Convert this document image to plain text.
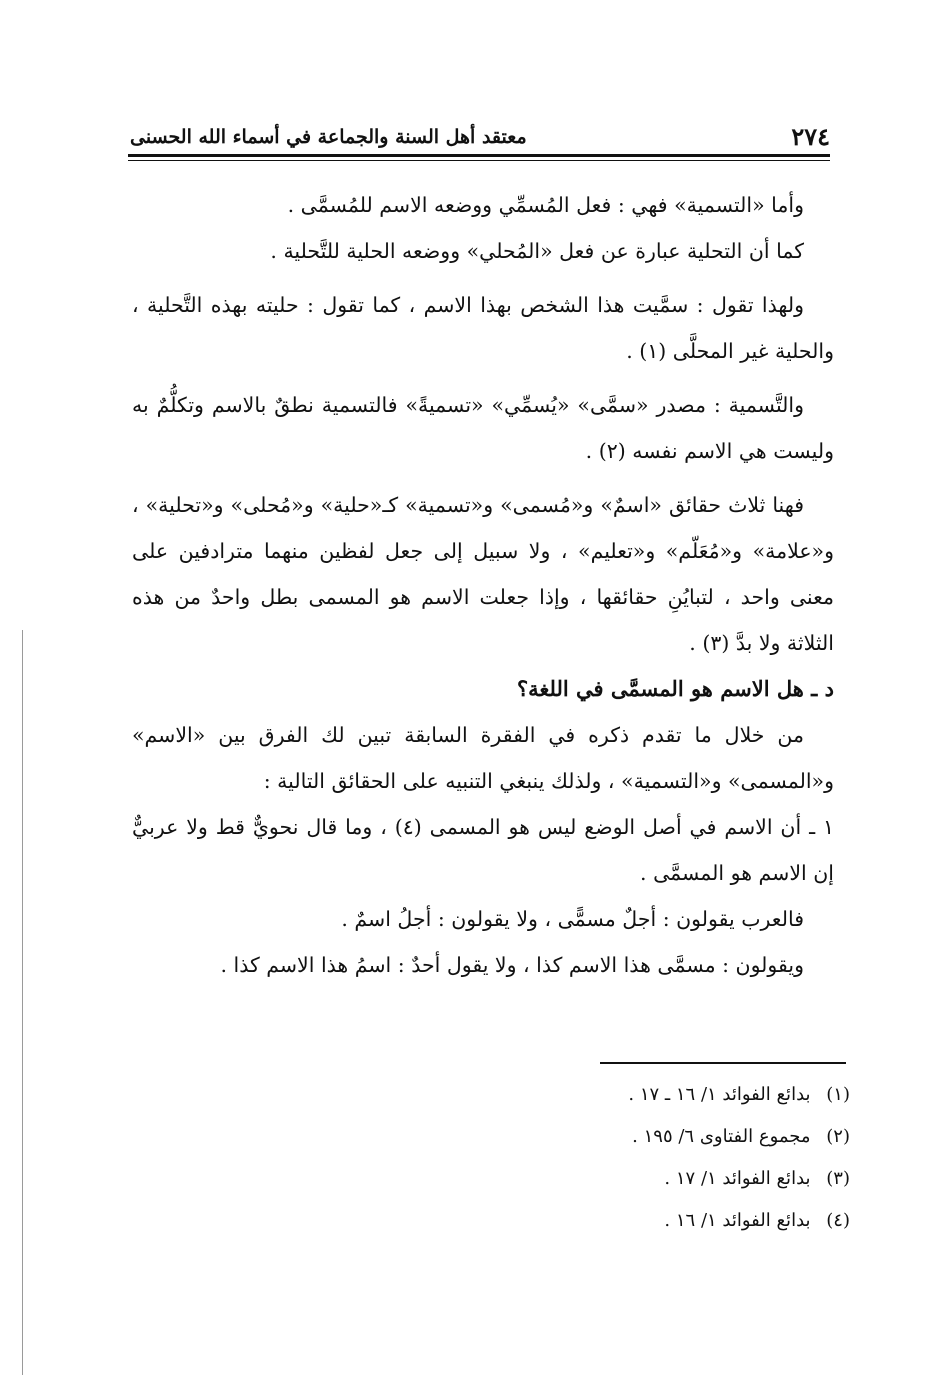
٢٧٤
معتقد أهل السنة والجماعة في أسماء الله الحسنى

وأما «التسمية» فهي : فعل المُسمِّي ووضعه الاسم للمُسمَّى .

كما أن التحلية عبارة عن فعل «المُحلي» ووضعه الحلية للتَّحلية .

ولهذا تقول : سمَّيت هذا الشخص بهذا الاسم ، كما تقول : حليته بهذه التَّحلية ، والحلية غير المحلَّى (١) .

والتَّسمية : مصدر «سمَّى» «يُسمِّي» «تسميةً» فالتسمية نطقٌ بالاسم وتكلُّمٌ به وليست هي الاسم نفسه (٢) .

فهنا ثلاث حقائق «اسمٌ» و«مُسمى» و«تسمية» كـ«حلية» و«مُحلى» و«تحلية» ، و«علامة» و«مُعَلّم» و«تعليم» ، ولا سبيل إلى جعل لفظين منهما مترادفين على معنى واحد ، لتبايُنِ حقائقها ، وإذا جعلت الاسم هو المسمى بطل واحدٌ من هذه الثلاثة ولا بدَّ (٣) .

د ـ هل الاسم هو المسمَّى في اللغة؟

من خلال ما تقدم ذكره في الفقرة السابقة تبين لك الفرق بين «الاسم» و«المسمى» و«التسمية» ، ولذلك ينبغي التنبيه على الحقائق التالية :

١ ـ أن الاسم في أصل الوضع ليس هو المسمى (٤) ، وما قال نحويٌّ قط ولا عربيٌّ إن الاسم هو المسمَّى .

فالعرب يقولون : أجلٌ مسمًّى ، ولا يقولون : أجلُ اسمٌ .

ويقولون : مسمَّى هذا الاسم كذا ، ولا يقول أحدٌ : اسمُ هذا الاسم كذا .

(١) بدائع الفوائد ١/ ١٦ ـ ١٧ .
(٢) مجموع الفتاوى ٦/ ١٩٥ .
(٣) بدائع الفوائد ١/ ١٧ .
(٤) بدائع الفوائد ١/ ١٦ .
